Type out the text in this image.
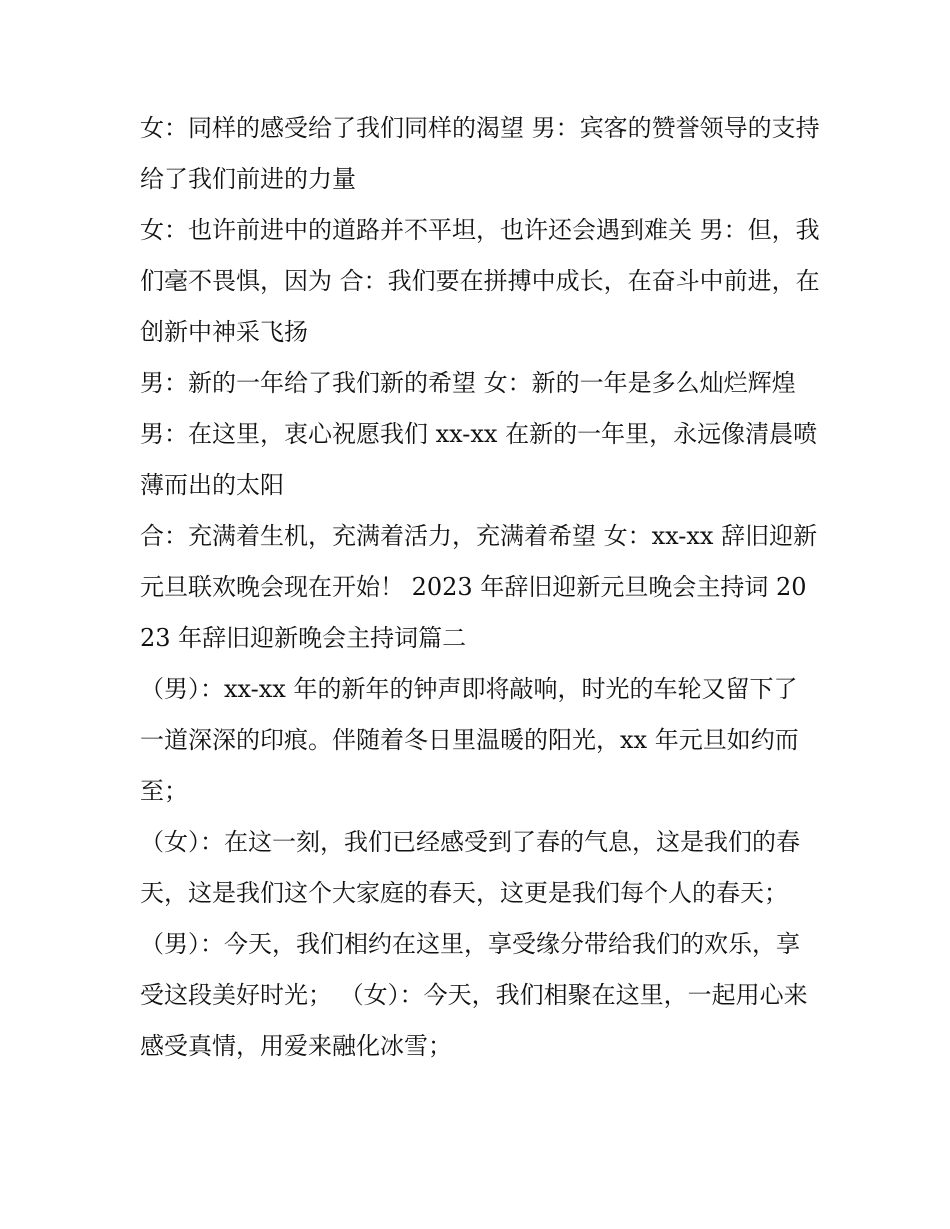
女：同样的感受给了我们同样的渴望 男：宾客的赞誉领导的支持给了我们前进的力量

女：也许前进中的道路并不平坦，也许还会遇到难关 男：但，我们毫不畏惧，因为 合：我们要在拼搏中成长，在奋斗中前进，在创新中神采飞扬

男：新的一年给了我们新的希望 女：新的一年是多么灿烂辉煌 男：在这里，衷心祝愿我们 xx-xx 在新的一年里，永远像清晨喷薄而出的太阳

合：充满着生机，充满着活力，充满着希望 女：xx-xx 辞旧迎新元旦联欢晚会现在开始！ 2023 年辞旧迎新元旦晚会主持词 2023 年辞旧迎新晚会主持词篇二

（男）：xx-xx 年的新年的钟声即将敲响，时光的车轮又留下了一道深深的印痕。伴随着冬日里温暖的阳光，xx 年元旦如约而至；

（女）：在这一刻，我们已经感受到了春的气息，这是我们的春天，这是我们这个大家庭的春天，这更是我们每个人的春天；

（男）：今天，我们相约在这里，享受缘分带给我们的欢乐，享受这段美好时光； （女）：今天，我们相聚在这里，一起用心来感受真情，用爱来融化冰雪；
